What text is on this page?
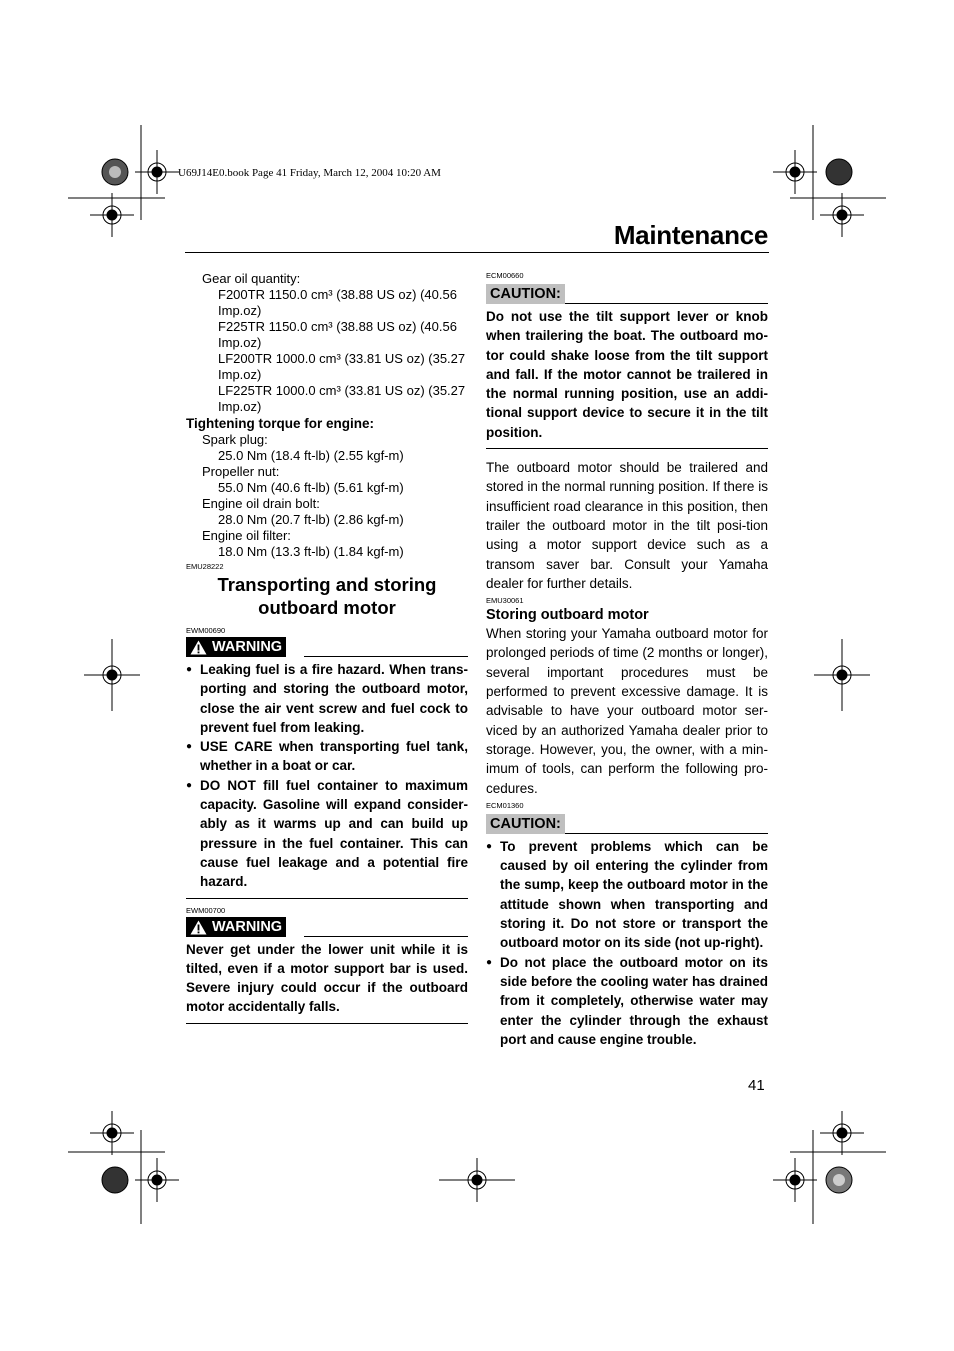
U69J14E0.book Page 41 Friday, March 12, 2004 10:20 AM
Maintenance
Gear oil quantity:
F200TR 1150.0 cm³ (38.88 US oz) (40.56
Imp.oz)
F225TR 1150.0 cm³ (38.88 US oz) (40.56
Imp.oz)
LF200TR 1000.0 cm³ (33.81 US oz) (35.27
Imp.oz)
LF225TR 1000.0 cm³ (33.81 US oz) (35.27
Imp.oz)
Tightening torque for engine:
Spark plug:
25.0 Nm (18.4 ft-lb) (2.55 kgf-m)
Propeller nut:
55.0 Nm (40.6 ft-lb) (5.61 kgf-m)
Engine oil drain bolt:
28.0 Nm (20.7 ft-lb) (2.86 kgf-m)
Engine oil filter:
18.0 Nm (13.3 ft-lb) (1.84 kgf-m)
EMU28222
Transporting and storing
outboard motor
EWM00690
WARNING
● Leaking fuel is a fire hazard. When trans-porting and storing the outboard motor, close the air vent screw and fuel cock to prevent fuel from leaking.
● USE CARE when transporting fuel tank, whether in a boat or car.
● DO NOT fill fuel container to maximum capacity. Gasoline will expand consider-ably as it warms up and can build up pressure in the fuel container. This can cause fuel leakage and a potential fire hazard.
EWM00700
WARNING
Never get under the lower unit while it is tilted, even if a motor support bar is used. Severe injury could occur if the outboard motor accidentally falls.
ECM00660
CAUTION:
Do not use the tilt support lever or knob when trailering the boat. The outboard mo-tor could shake loose from the tilt support and fall. If the motor cannot be trailered in the normal running position, use an addi-tional support device to secure it in the tilt position.
The outboard motor should be trailered and stored in the normal running position. If there is insufficient road clearance in this position, then trailer the outboard motor in the tilt posi-tion using a motor support device such as a transom saver bar. Consult your Yamaha dealer for further details.
EMU30061
Storing outboard motor
When storing your Yamaha outboard motor for prolonged periods of time (2 months or longer), several important procedures must be performed to prevent excessive damage. It is advisable to have your outboard motor ser-viced by an authorized Yamaha dealer prior to storage. However, you, the owner, with a min-imum of tools, can perform the following pro-cedures.
ECM01360
CAUTION:
● To prevent problems which can be caused by oil entering the cylinder from the sump, keep the outboard motor in the attitude shown when transporting and storing it. Do not store or transport the outboard motor on its side (not up-right).
● Do not place the outboard motor on its side before the cooling water has drained from it completely, otherwise water may enter the cylinder through the exhaust port and cause engine trouble.
41
